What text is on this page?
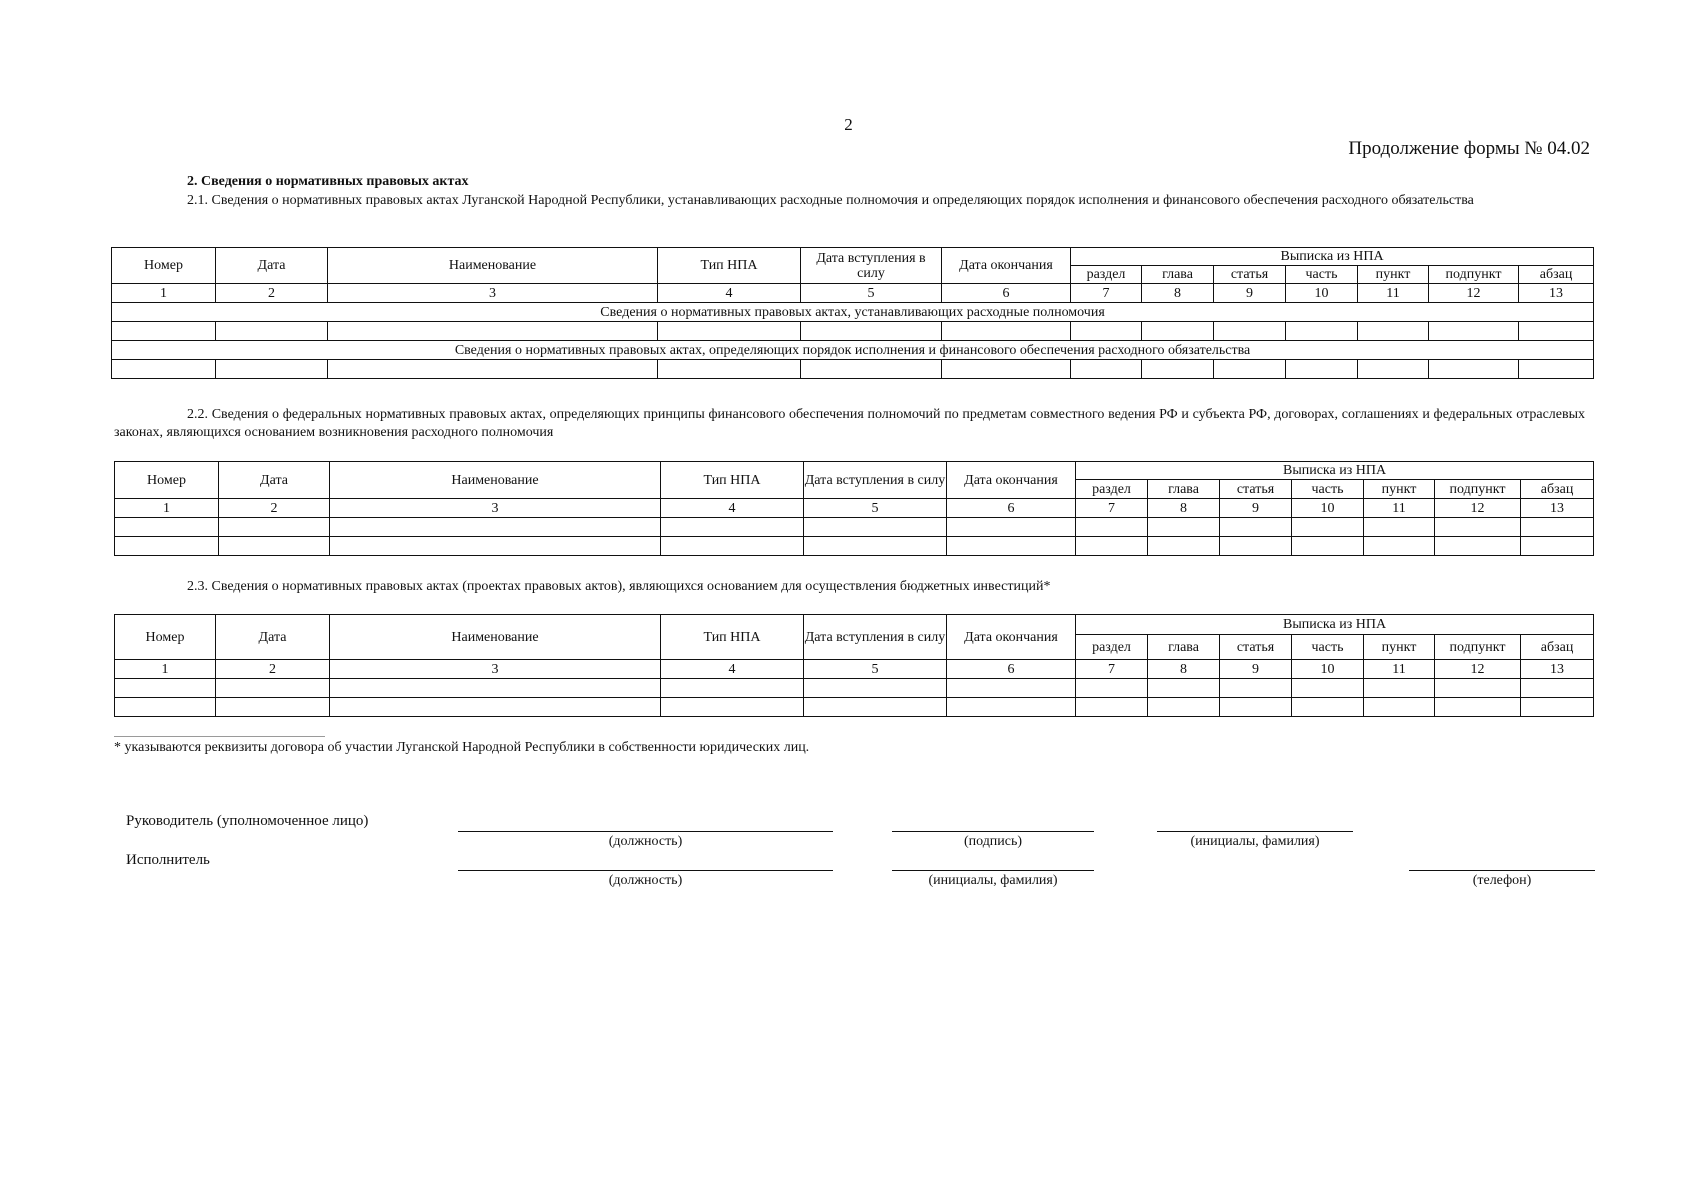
2
Продолжение формы № 04.02
2. Сведения о нормативных правовых актах
2.1. Сведения о нормативных правовых актах Луганской Народной Республики, устанавливающих расходные полномочия и определяющих порядок исполнения и финансового обеспечения расходного обязательства
Номер	Дата	Наименование	Тип НПА	Дата вступления в силу	Дата окончания	Выписка из НПА						
						раздел	глава	статья	часть	пункт	подпункт	абзац
1	2	3	4	5	6	7	8	9	10	11	12	13
Сведения о нормативных правовых актах, устанавливающих расходные полномочия												

Сведения о нормативных правовых актах, определяющих порядок исполнения и финансового обеспечения расходного обязательства												

2.2. Сведения о федеральных нормативных правовых актах, определяющих принципы финансового обеспечения полномочий по предметам совместного ведения РФ и субъекта РФ, договорах, соглашениях и федеральных отраслевых законах, являющихся основанием возникновения расходного полномочия
Номер	Дата	Наименование	Тип НПА	Дата вступления в силу	Дата окончания	Выписка из НПА						
						раздел	глава	статья	часть	пункт	подпункт	абзац
1	2	3	4	5	6	7	8	9	10	11	12	13

2.3. Сведения о нормативных правовых актах (проектах правовых актов), являющихся основанием для осуществления бюджетных инвестиций*
Номер	Дата	Наименование	Тип НПА	Дата вступления в силу	Дата окончания	Выписка из НПА						
						раздел	глава	статья	часть	пункт	подпункт	абзац
1	2	3	4	5	6	7	8	9	10	11	12	13

* указываются реквизиты договора об участии Луганской Народной Республики в собственности юридических лиц.
Руководитель (уполномоченное лицо)
(должность)	(подпись)	(инициалы, фамилия)
Исполнитель
(должность)	(инициалы, фамилия)	(телефон)
